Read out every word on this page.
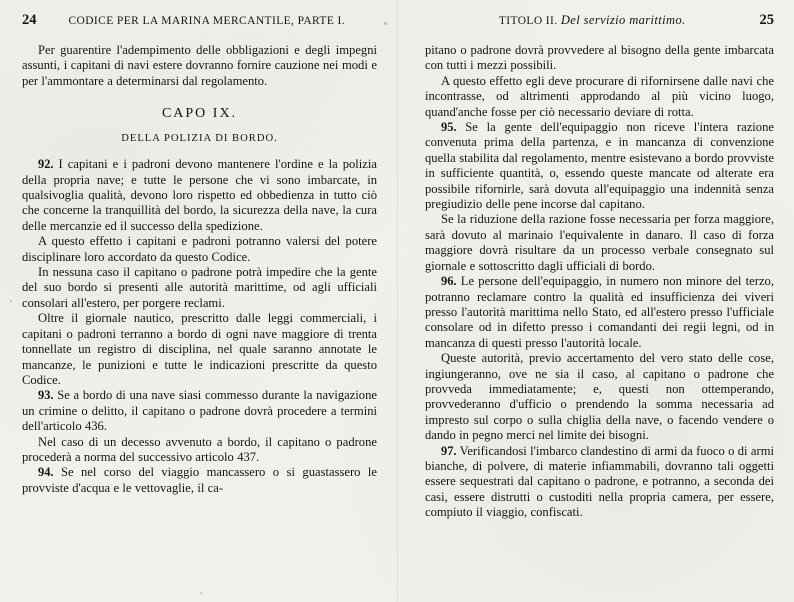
24	CODICE PER LA MARINA MERCANTILE, PARTE I.

Per guarentire l'adempimento delle obbligazioni e degli impegni assunti, i capitani di navi estere dovranno fornire cauzione nei modi e per l'ammontare a determinarsi dal regolamento.

CAPO IX.
DELLA POLIZIA DI BORDO.

92. I capitani e i padroni devono mantenere l'ordine e la polizia della propria nave; e tutte le persone che vi sono imbarcate, in qualsivoglia qualità, devono loro rispetto ed obbedienza in tutto ciò che concerne la tranquillità del bordo, la sicurezza della nave, la cura delle mercanzie ed il successo della spedizione.

A questo effetto i capitani e padroni potranno valersi del potere disciplinare loro accordato da questo Codice.

In nessuna caso il capitano o padrone potrà impedire che la gente del suo bordo si presenti alle autorità marittime, od agli ufficiali consolari all'estero, per porgere reclami.

Oltre il giornale nautico, prescritto dalle leggi commerciali, i capitani o padroni terranno a bordo di ogni nave maggiore di trenta tonnellate un registro di disciplina, nel quale saranno annotate le mancanze, le punizioni e tutte le indicazioni prescritte da questo Codice.

93. Se a bordo di una nave siasi commesso durante la navigazione un crimine o delitto, il capitano o padrone dovrà procedere a termini dell'articolo 436.

Nel caso di un decesso avvenuto a bordo, il capitano o padrone procederà a norma del successivo articolo 437.

94. Se nel corso del viaggio mancassero o si guastassero le provviste d'acqua e le vettovaglie, il ca-

TITOLO II. Del servizio marittimo.	25

pitano o padrone dovrà provvedere al bisogno della gente imbarcata con tutti i mezzi possibili.

A questo effetto egli deve procurare di rifornirsene dalle navi che incontrasse, od altrimenti approdando al più vicino luogo, quand'anche fosse per ciò necessario deviare di rotta.

95. Se la gente dell'equipaggio non riceve l'intera razione convenuta prima della partenza, e in mancanza di convenzione quella stabilita dal regolamento, mentre esistevano a bordo provviste in sufficiente quantità, o, essendo queste mancate od alterate era possibile rifornirle, sarà dovuta all'equipaggio una indennità senza pregiudizio delle pene incorse dal capitano.

Se la riduzione della razione fosse necessaria per forza maggiore, sarà dovuto al marinaio l'equivalente in danaro. Il caso di forza maggiore dovrà risultare da un processo verbale consegnato sul giornale e sottoscritto dagli ufficiali di bordo.

96. Le persone dell'equipaggio, in numero non minore del terzo, potranno reclamare contro la qualità ed insufficienza dei viveri presso l'autorità marittima nello Stato, ed all'estero presso l'ufficiale consolare od in difetto presso i comandanti dei regii legni, od in mancanza di questi presso l'autorità locale.

Queste autorità, previo accertamento del vero stato delle cose, ingiungeranno, ove ne sia il caso, al capitano o padrone che provveda immediatamente; e, questi non ottemperando, provvederanno d'ufficio o prendendo la somma necessaria ad impresto sul corpo o sulla chiglia della nave, o facendo vendere o dando in pegno merci nel limite dei bisogni.

97. Verificandosi l'imbarco clandestino di armi da fuoco o di armi bianche, di polvere, di materie infiammabili, dovranno tali oggetti essere sequestrati dal capitano o padrone, e potranno, a seconda dei casi, essere distrutti o custoditi nella propria camera, per essere, compiuto il viaggio, confiscati.
